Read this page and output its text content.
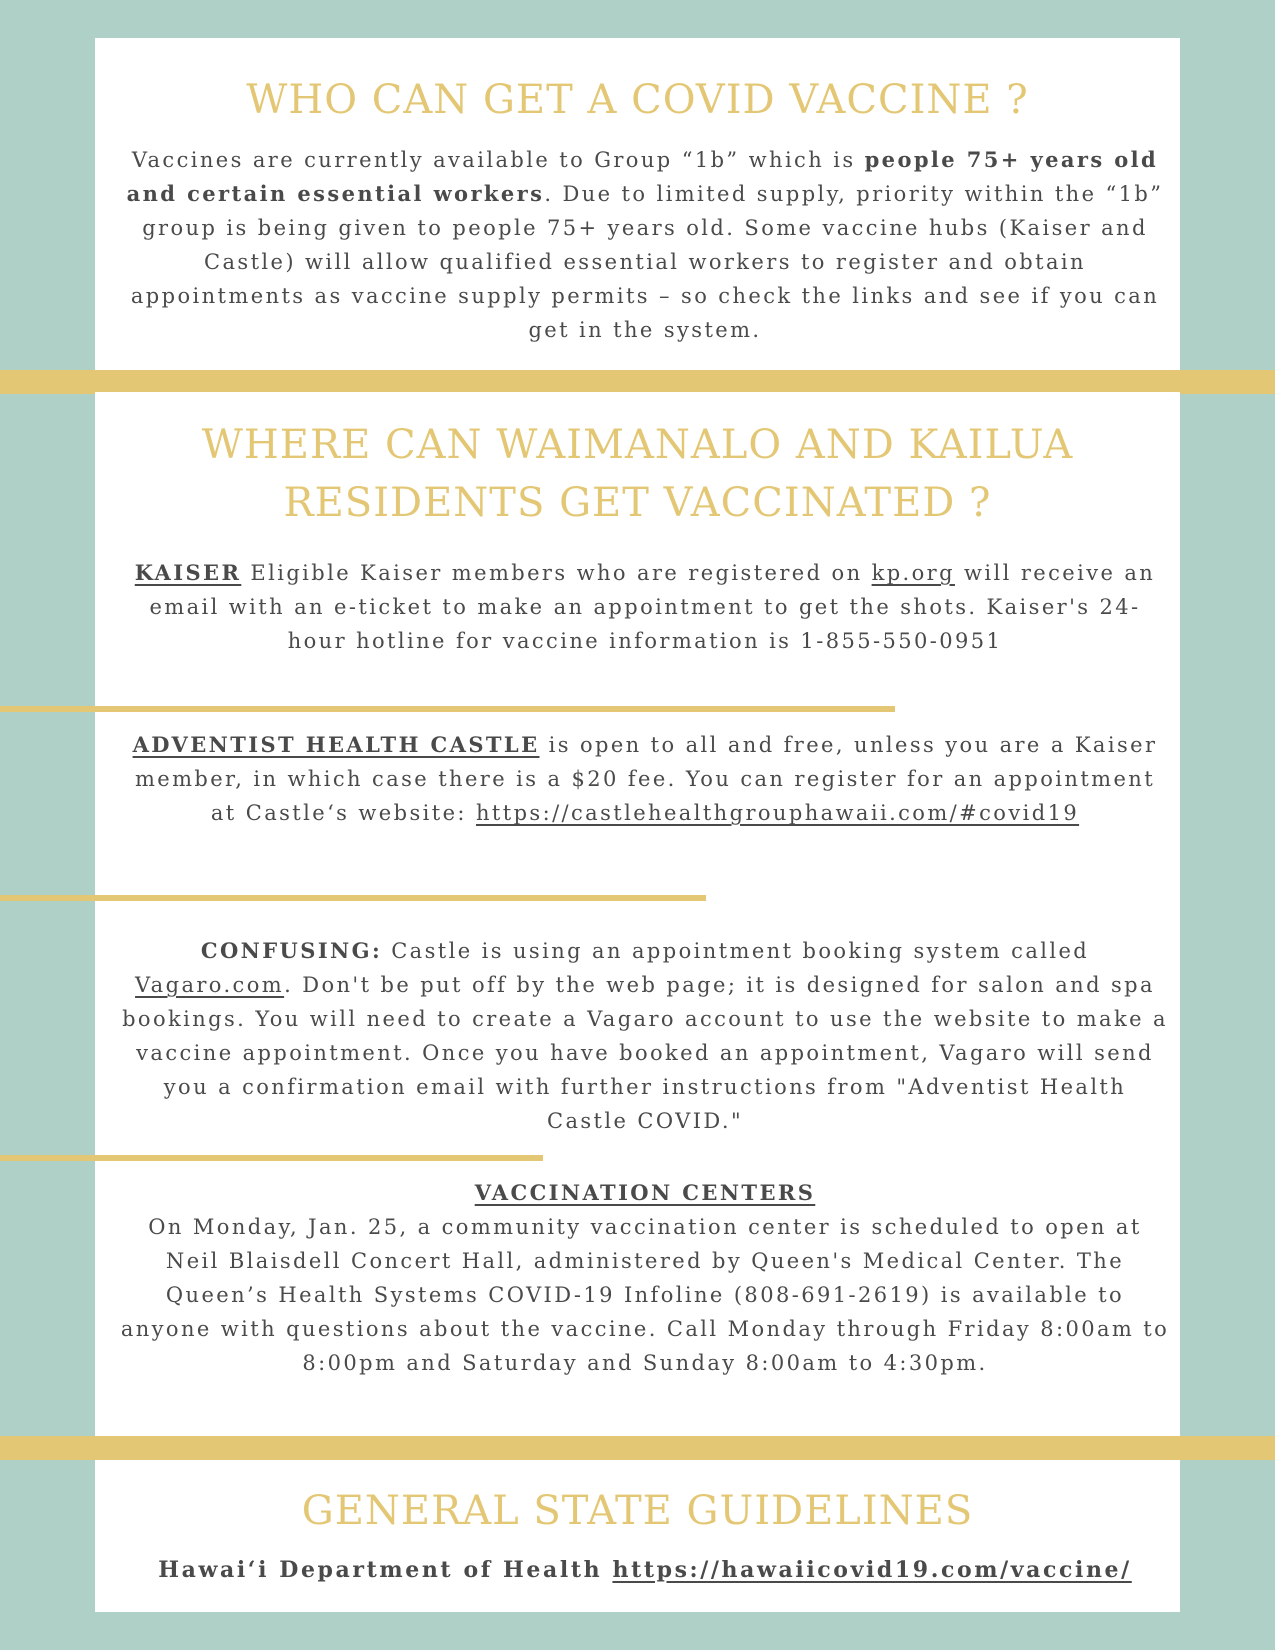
WHO CAN GET A COVID VACCINE ?

Vaccines are currently available to Group “1b” which is people 75+ years old and certain essential workers. Due to limited supply, priority within the “1b” group is being given to people 75+ years old. Some vaccine hubs (Kaiser and Castle) will allow qualified essential workers to register and obtain appointments as vaccine supply permits – so check the links and see if you can get in the system.

WHERE CAN WAIMANALO AND KAILUA RESIDENTS GET VACCINATED ?

KAISER Eligible Kaiser members who are registered on kp.org will receive an email with an e-ticket to make an appointment to get the shots. Kaiser's 24-hour hotline for vaccine information is 1-855-550-0951

ADVENTIST HEALTH CASTLE is open to all and free, unless you are a Kaiser member, in which case there is a $20 fee. You can register for an appointment at Castle‘s website: https://castlehealthgrouphawaii.com/#covid19

CONFUSING: Castle is using an appointment booking system called Vagaro.com. Don't be put off by the web page; it is designed for salon and spa bookings. You will need to create a Vagaro account to use the website to make a vaccine appointment. Once you have booked an appointment, Vagaro will send you a confirmation email with further instructions from "Adventist Health Castle COVID."

VACCINATION CENTERS
On Monday, Jan. 25, a community vaccination center is scheduled to open at Neil Blaisdell Concert Hall, administered by Queen's Medical Center. The Queen’s Health Systems COVID-19 Infoline (808-691-2619) is available to anyone with questions about the vaccine. Call Monday through Friday 8:00am to 8:00pm and Saturday and Sunday 8:00am to 4:30pm.

GENERAL STATE GUIDELINES

Hawai‘i Department of Health https://hawaiicovid19.com/vaccine/
